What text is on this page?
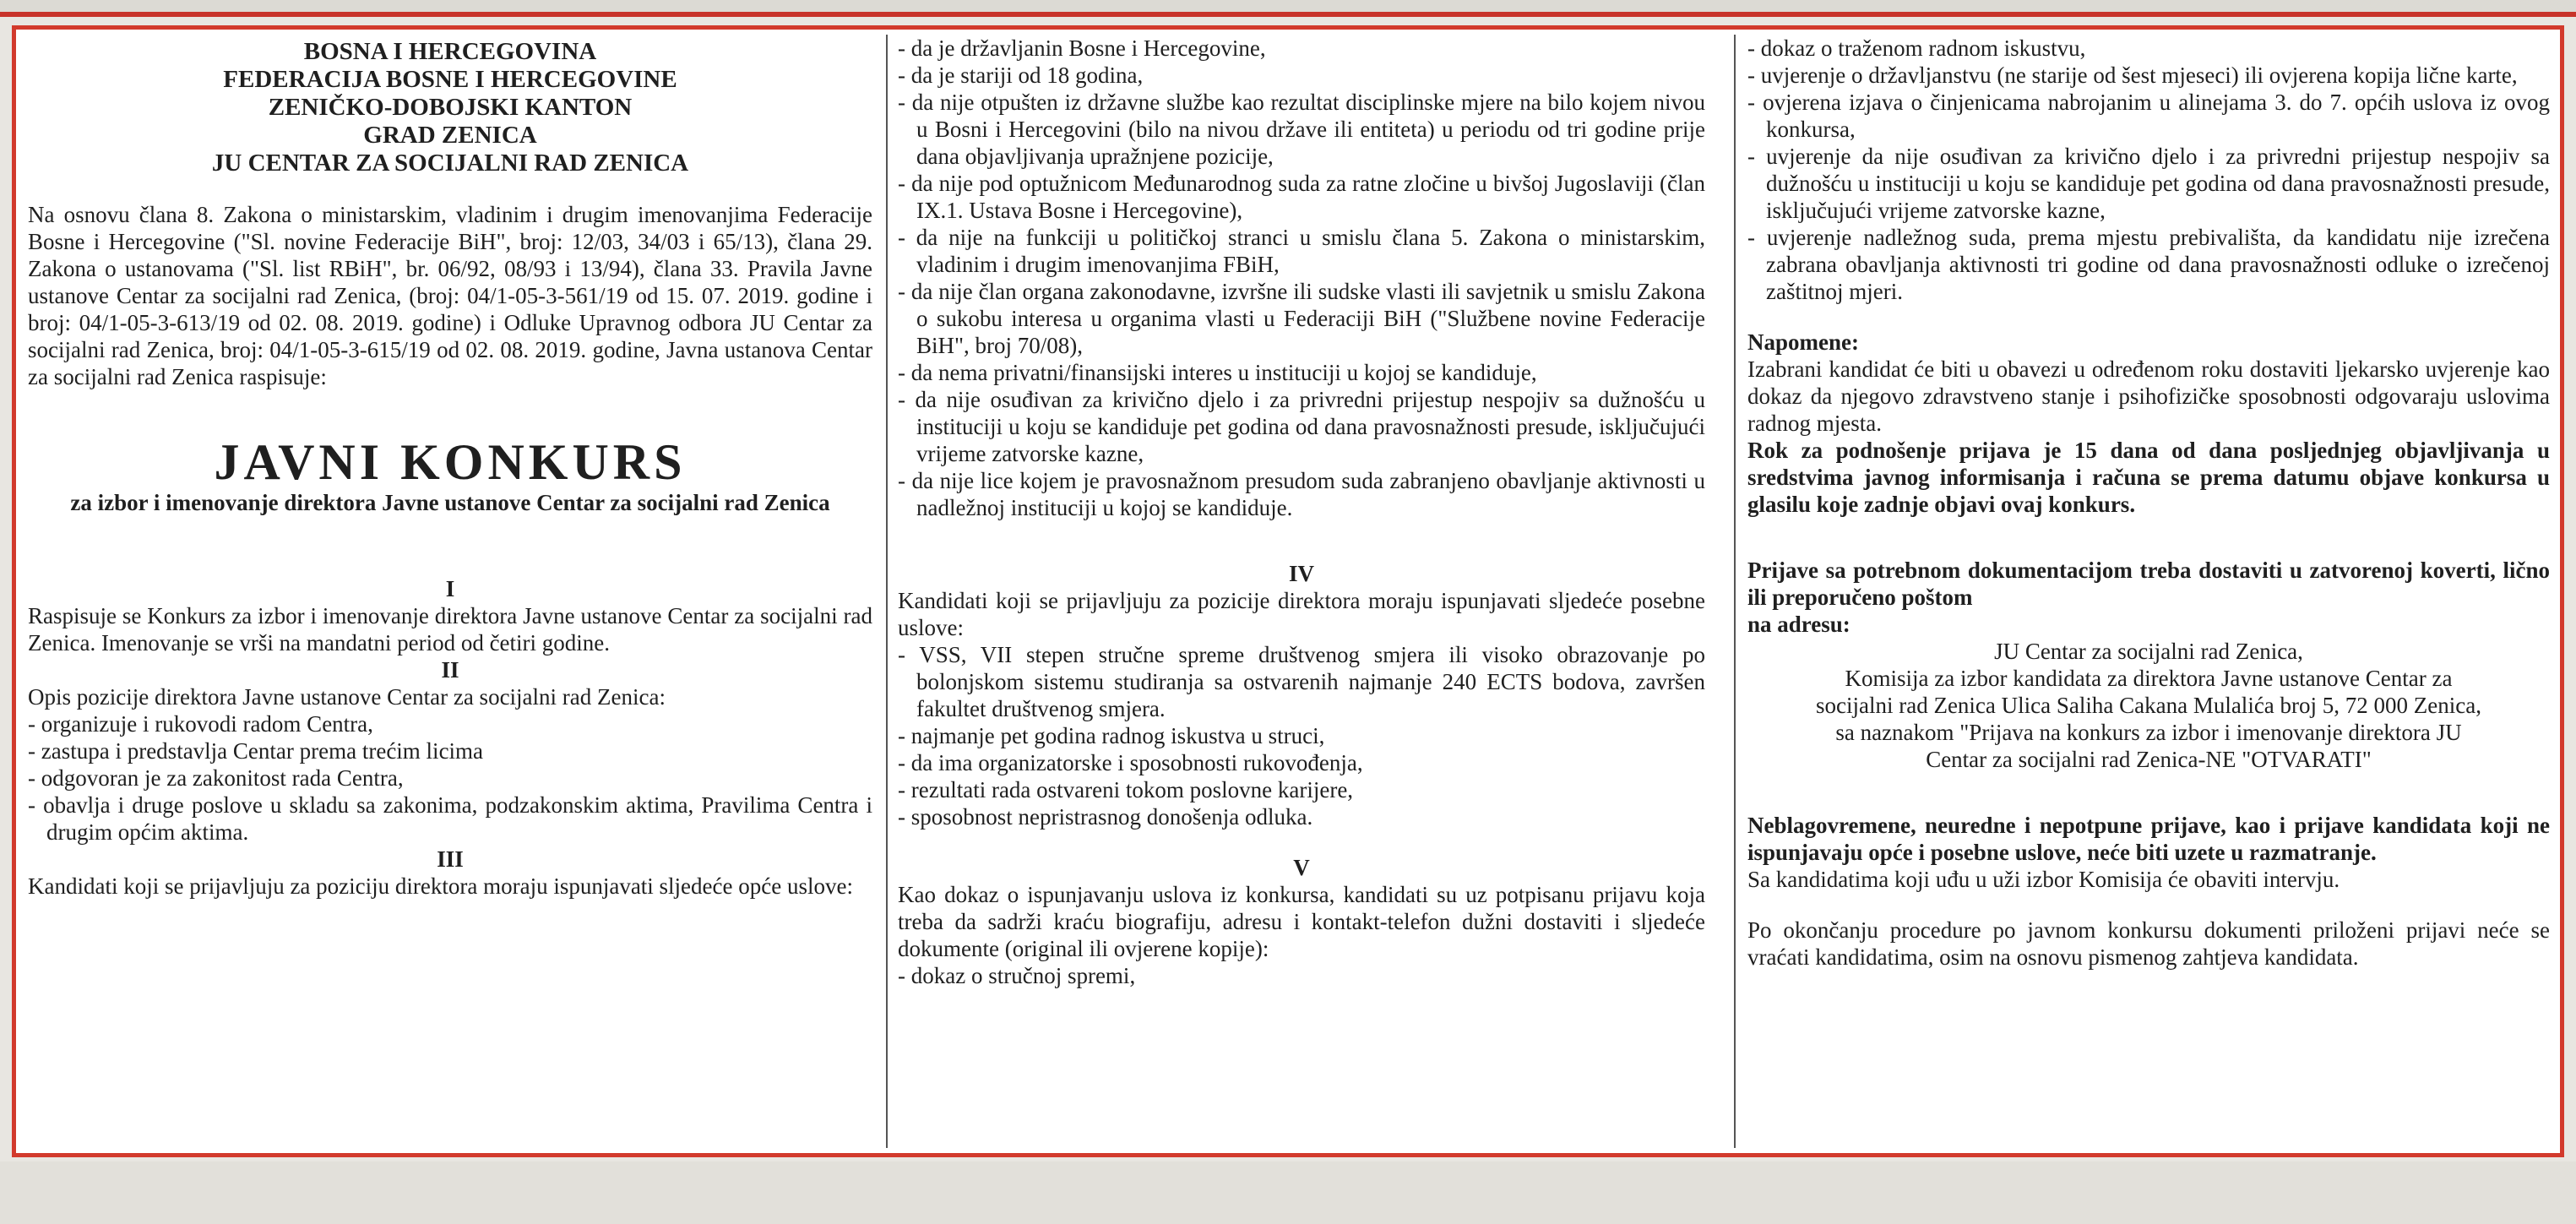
BOSNA I HERCEGOVINA
FEDERACIJA BOSNE I HERCEGOVINE
ZENIČKO-DOBOJSKI KANTON
GRAD ZENICA
JU CENTAR ZA SOCIJALNI RAD ZENICA
Na osnovu člana 8. Zakona o ministarskim, vladinim i drugim imenovanjima Federacije Bosne i Hercegovine ("Sl. novine Federacije BiH", broj: 12/03, 34/03 i 65/13), člana 29. Zakona o ustanovama ("Sl. list RBiH", br. 06/92, 08/93 i 13/94), člana 33. Pravila Javne ustanove Centar za socijalni rad Zenica, (broj: 04/1-05-3-561/19 od 15. 07. 2019. godine i broj: 04/1-05-3-613/19 od 02. 08. 2019. godine) i Odluke Upravnog odbora JU Centar za socijalni rad Zenica, broj: 04/1-05-3-615/19 od 02. 08. 2019. godine, Javna ustanova Centar za socijalni rad Zenica raspisuje:
JAVNI KONKURS
za izbor i imenovanje direktora Javne ustanove Centar za socijalni rad Zenica
I
Raspisuje se Konkurs za izbor i imenovanje direktora Javne ustanove Centar za socijalni rad Zenica. Imenovanje se vrši na mandatni period od četiri godine.
II
Opis pozicije direktora Javne ustanove Centar za socijalni rad Zenica:
- organizuje i rukovodi radom Centra,
- zastupa i predstavlja Centar prema trećim licima
- odgovoran je za zakonitost rada Centra,
- obavlja i druge poslove u skladu sa zakonima, podzakonskim aktima, Pravilima Centra i drugim općim aktima.
III
Kandidati koji se prijavljuju za poziciju direktora moraju ispunjavati sljedeće opće uslove:
- da je državljanin Bosne i Hercegovine,
- da je stariji od 18 godina,
- da nije otpušten iz državne službe kao rezultat disciplinske mjere na bilo kojem nivou u Bosni i Hercegovini (bilo na nivou države ili entiteta) u periodu od tri godine prije dana objavljivanja upražnjene pozicije,
- da nije pod optužnicom Međunarodnog suda za ratne zločine u bivšoj Jugoslaviji (član IX.1. Ustava Bosne i Hercegovine),
- da nije na funkciji u političkoj stranci u smislu člana 5. Zakona o ministarskim, vladinim i drugim imenovanjima FBiH,
- da nije član organa zakonodavne, izvršne ili sudske vlasti ili savjetnik u smislu Zakona o sukobu interesa u organima vlasti u Federaciji BiH ("Službene novine Federacije BiH", broj 70/08),
- da nema privatni/finansijski interes u instituciji u kojoj se kandiduje,
- da nije osuđivan za krivično djelo i za privredni prijestup nespojiv sa dužnošću u instituciji u koju se kandiduje pet godina od dana pravosnažnosti presude, isključujući vrijeme zatvorske kazne,
- da nije lice kojem je pravosnažnom presudom suda zabranjeno obavljanje aktivnosti u nadležnoj instituciji u kojoj se kandiduje.
IV
Kandidati koji se prijavljuju za pozicije direktora moraju ispunjavati sljedeće posebne uslove:
- VSS, VII stepen stručne spreme društvenog smjera ili visoko obrazovanje po bolonjskom sistemu studiranja sa ostvarenih najmanje 240 ECTS bodova, završen fakultet društvenog smjera.
- najmanje pet godina radnog iskustva u struci,
- da ima organizatorske i sposobnosti rukovođenja,
- rezultati rada ostvareni tokom poslovne karijere,
- sposobnost nepristrasnog donošenja odluka.
V
Kao dokaz o ispunjavanju uslova iz konkursa, kandidati su uz potpisanu prijavu koja treba da sadrži kraću biografiju, adresu i kontakt-telefon dužni dostaviti i sljedeće dokumente (original ili ovjerene kopije):
- dokaz o stručnoj spremi,
- dokaz o traženom radnom iskustvu,
- uvjerenje o državljanstvu (ne starije od šest mjeseci) ili ovjerena kopija lične karte,
- ovjerena izjava o činjenicama nabrojanim u alinejama 3. do 7. općih uslova iz ovog konkursa,
- uvjerenje da nije osuđivan za krivično djelo i za privredni prijestup nespojiv sa dužnošću u instituciji u koju se kandiduje pet godina od dana pravosnažnosti presude, isključujući vrijeme zatvorske kazne,
- uvjerenje nadležnog suda, prema mjestu prebivališta, da kandidatu nije izrečena zabrana obavljanja aktivnosti tri godine od dana pravosnažnosti odluke o izrečenoj zaštitnoj mjeri.
Napomene:
Izabrani kandidat će biti u obavezi u određenom roku dostaviti ljekarsko uvjerenje kao dokaz da njegovo zdravstveno stanje i psihofizičke sposobnosti odgovaraju uslovima radnog mjesta.
Rok za podnošenje prijava je 15 dana od dana posljednjeg objavljivanja u sredstvima javnog informisanja i računa se prema datumu objave konkursa u glasilu koje zadnje objavi ovaj konkurs.
Prijave sa potrebnom dokumentacijom treba dostaviti u zatvorenoj koverti, lično ili preporučeno poštom
na adresu:
JU Centar za socijalni rad Zenica,
Komisija za izbor kandidata za direktora Javne ustanove Centar za
socijalni rad Zenica Ulica Saliha Cakana Mulalića broj 5, 72 000 Zenica,
sa naznakom "Prijava na konkurs za izbor i imenovanje direktora JU
Centar za socijalni rad Zenica-NE "OTVARATI"
Neblagovremene, neuredne i nepotpune prijave, kao i prijave kandidata koji ne ispunjavaju opće i posebne uslove, neće biti uzete u razmatranje.
Sa kandidatima koji uđu u uži izbor Komisija će obaviti intervju.
Po okončanju procedure po javnom konkursu dokumenti priloženi prijavi neće se vraćati kandidatima, osim na osnovu pismenog zahtjeva kandidata.
